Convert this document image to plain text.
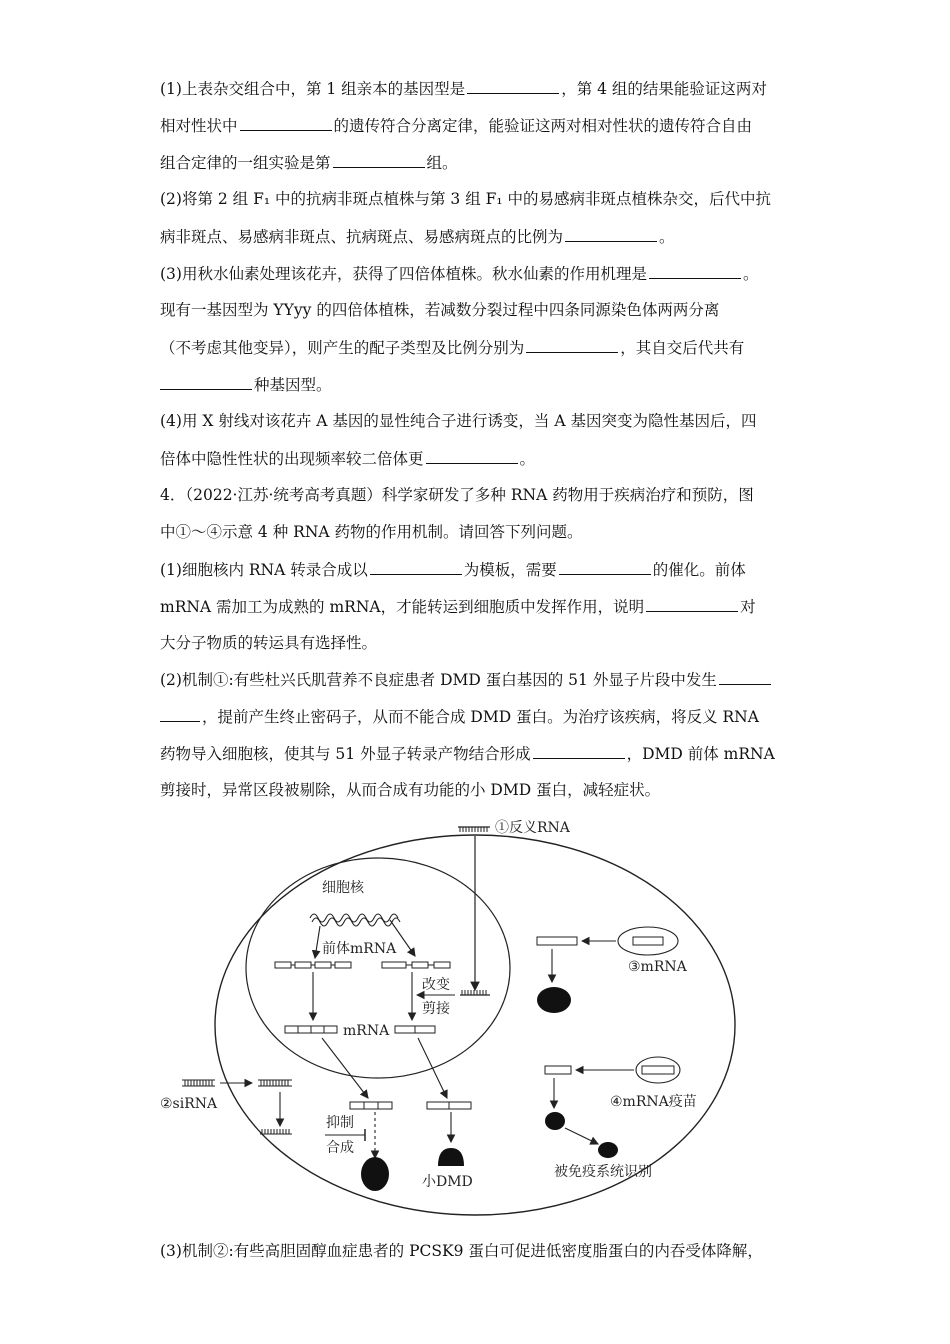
(1)上表杂交组合中，第 1 组亲本的基因型是	，第 4 组的结果能验证这两对
相对性状中	的遗传符合分离定律，能验证这两对相对性状的遗传符合自由
组合定律的一组实验是第	组。
(2)将第 2 组 F₁ 中的抗病非斑点植株与第 3 组 F₁ 中的易感病非斑点植株杂交，后代中抗
病非斑点、易感病非斑点、抗病斑点、易感病斑点的比例为	。
(3)用秋水仙素处理该花卉，获得了四倍体植株。秋水仙素的作用机理是	。
现有一基因型为 YYyy 的四倍体植株，若减数分裂过程中四条同源染色体两两分离
（不考虑其他变异），则产生的配子类型及比例分别为	，其自交后代共有
种基因型。
(4)用 X 射线对该花卉 A 基因的显性纯合子进行诱变，当 A 基因突变为隐性基因后，四
倍体中隐性性状的出现频率较二倍体更	。
4．（2022·江苏·统考高考真题）科学家研发了多种 RNA 药物用于疾病治疗和预防，图
中①～④示意 4 种 RNA 药物的作用机制。请回答下列问题。
(1)细胞核内 RNA 转录合成以	为模板，需要	的催化。前体
mRNA 需加工为成熟的 mRNA，才能转运到细胞质中发挥作用，说明	对
大分子物质的转运具有选择性。
(2)机制①:有些杜兴氏肌营养不良症患者 DMD 蛋白基因的 51 外显子片段中发生
，提前产生终止密码子，从而不能合成 DMD 蛋白。为治疗该疾病，将反义 RNA
药物导入细胞核，使其与 51 外显子转录产物结合形成	，DMD 前体 mRNA
剪接时，异常区段被剔除，从而合成有功能的小 DMD 蛋白，减轻症状。
①反义RNA
细胞核
前体mRNA
改变
剪接
mRNA
②siRNA
抑制
合成
小DMD
③mRNA
④mRNA疫苗
被免疫系统识别
(3)机制②:有些高胆固醇血症患者的 PCSK9 蛋白可促进低密度脂蛋白的内吞受体降解，
